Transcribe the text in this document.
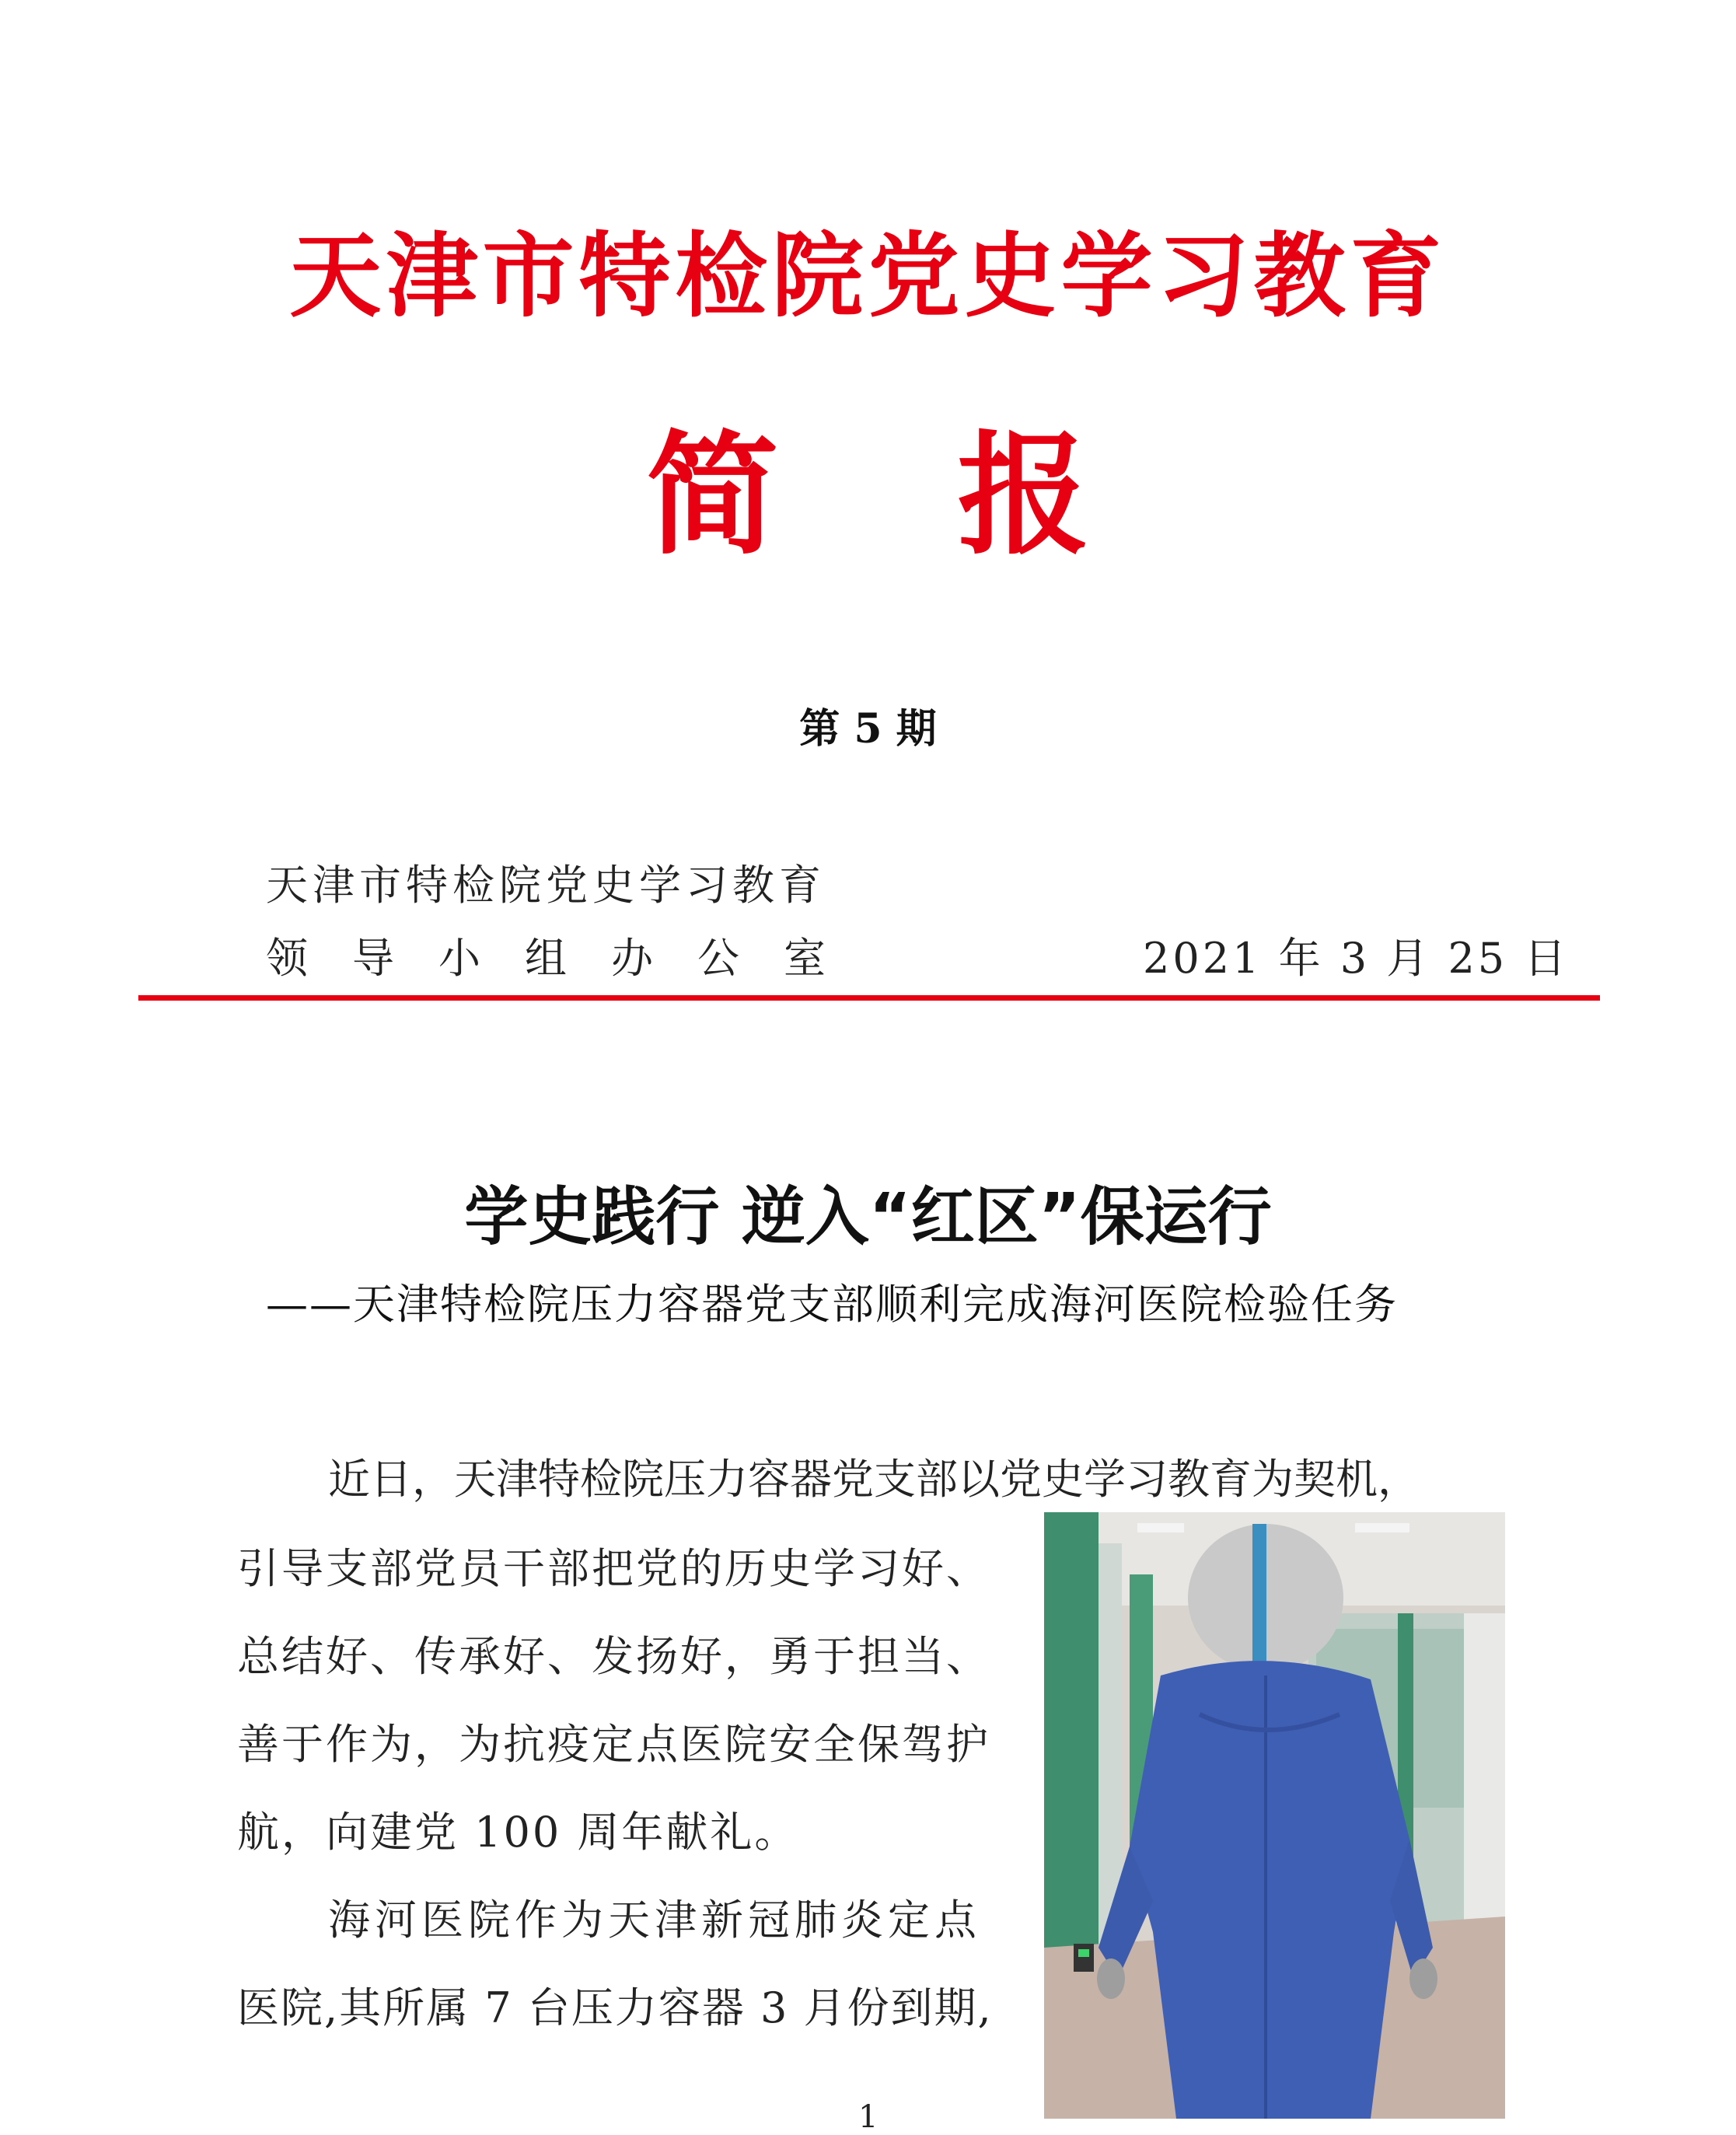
天津市特检院党史学习教育
简 报
第 5 期
天津市特检院党史学习教育
领 导 小 组 办 公 室	2021 年 3 月 25 日
学史践行 逆入“红区”保运行
——天津特检院压力容器党支部顺利完成海河医院检验任务
近日，天津特检院压力容器党支部以党史学习教育为契机，
引导支部党员干部把党的历史学习好、
总结好、传承好、发扬好，勇于担当、
善于作为，为抗疫定点医院安全保驾护
航，向建党 100 周年献礼。
海河医院作为天津新冠肺炎定点
医院,其所属 7 台压力容器 3 月份到期,
1
